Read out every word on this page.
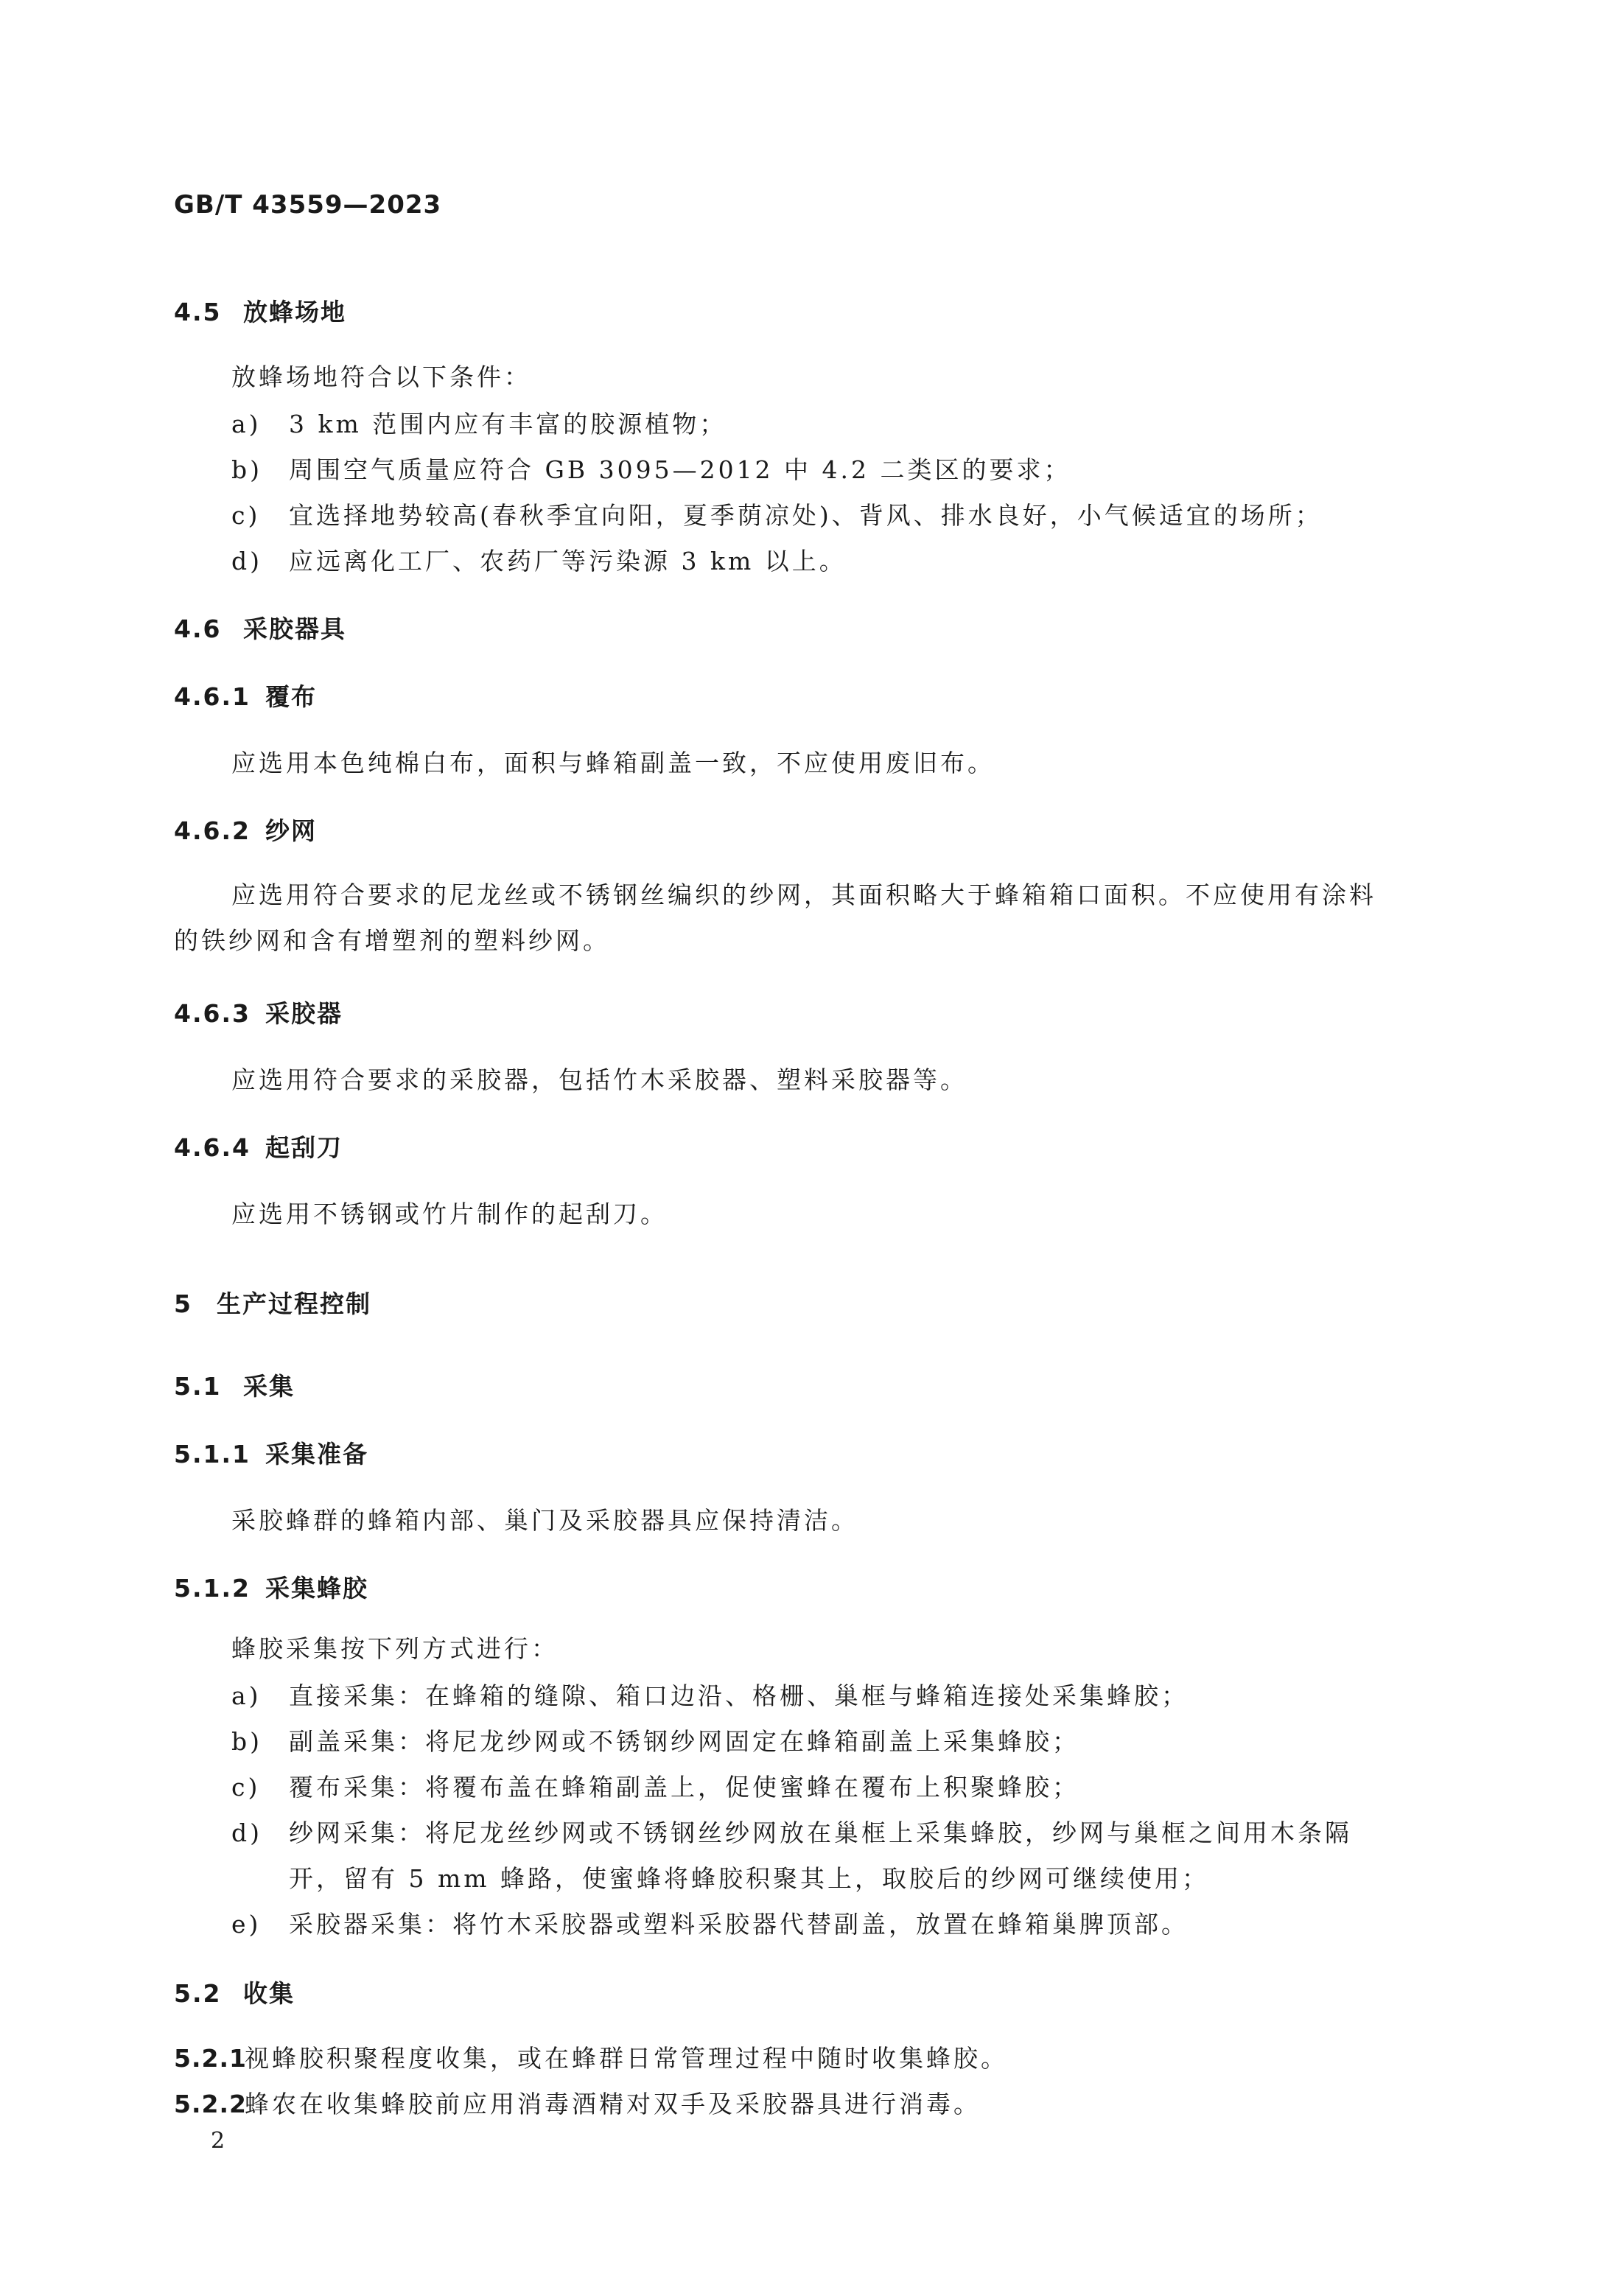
GB/T 43559—2023
4.5 放蜂场地
放蜂场地符合以下条件：
a) 3 km 范围内应有丰富的胶源植物；
b) 周围空气质量应符合 GB 3095—2012 中 4.2 二类区的要求；
c) 宜选择地势较高(春秋季宜向阳，夏季荫凉处)、背风、排水良好，小气候适宜的场所；
d) 应远离化工厂、农药厂等污染源 3 km 以上。
4.6 采胶器具
4.6.1 覆布
应选用本色纯棉白布，面积与蜂箱副盖一致，不应使用废旧布。
4.6.2 纱网
应选用符合要求的尼龙丝或不锈钢丝编织的纱网，其面积略大于蜂箱箱口面积。不应使用有涂料
的铁纱网和含有增塑剂的塑料纱网。
4.6.3 采胶器
应选用符合要求的采胶器，包括竹木采胶器、塑料采胶器等。
4.6.4 起刮刀
应选用不锈钢或竹片制作的起刮刀。
5 生产过程控制
5.1 采集
5.1.1 采集准备
采胶蜂群的蜂箱内部、巢门及采胶器具应保持清洁。
5.1.2 采集蜂胶
蜂胶采集按下列方式进行：
a) 直接采集：在蜂箱的缝隙、箱口边沿、格栅、巢框与蜂箱连接处采集蜂胶；
b) 副盖采集：将尼龙纱网或不锈钢纱网固定在蜂箱副盖上采集蜂胶；
c) 覆布采集：将覆布盖在蜂箱副盖上，促使蜜蜂在覆布上积聚蜂胶；
d) 纱网采集：将尼龙丝纱网或不锈钢丝纱网放在巢框上采集蜂胶，纱网与巢框之间用木条隔
开，留有 5 mm 蜂路，使蜜蜂将蜂胶积聚其上，取胶后的纱网可继续使用；
e) 采胶器采集：将竹木采胶器或塑料采胶器代替副盖，放置在蜂箱巢脾顶部。
5.2 收集
5.2.1视蜂胶积聚程度收集，或在蜂群日常管理过程中随时收集蜂胶。
5.2.2蜂农在收集蜂胶前应用消毒酒精对双手及采胶器具进行消毒。
2
